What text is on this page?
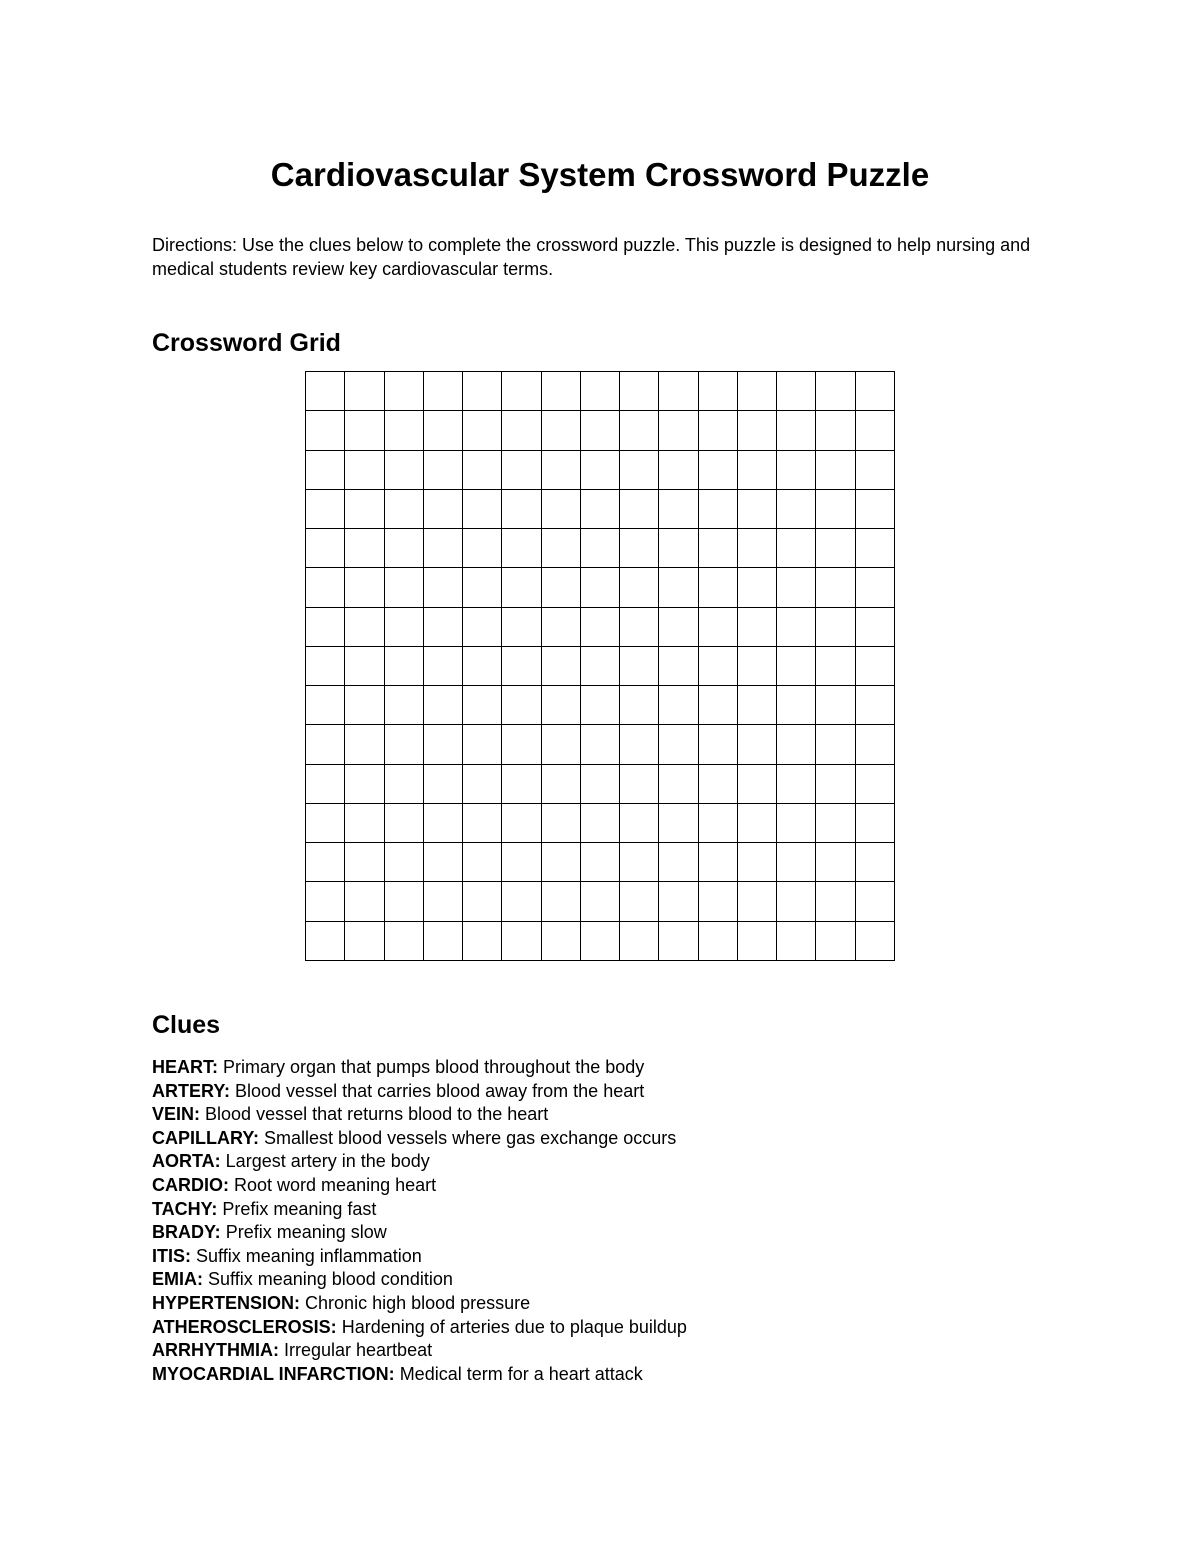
Cardiovascular System Crossword Puzzle

Directions: Use the clues below to complete the crossword puzzle. This puzzle is designed to help nursing and medical students review key cardiovascular terms.

Crossword Grid
Clues
HEART: Primary organ that pumps blood throughout the body
ARTERY: Blood vessel that carries blood away from the heart
VEIN: Blood vessel that returns blood to the heart
CAPILLARY: Smallest blood vessels where gas exchange occurs
AORTA: Largest artery in the body
CARDIO: Root word meaning heart
TACHY: Prefix meaning fast
BRADY: Prefix meaning slow
ITIS: Suffix meaning inflammation
EMIA: Suffix meaning blood condition
HYPERTENSION: Chronic high blood pressure
ATHEROSCLEROSIS: Hardening of arteries due to plaque buildup
ARRHYTHMIA: Irregular heartbeat
MYOCARDIAL INFARCTION: Medical term for a heart attack
